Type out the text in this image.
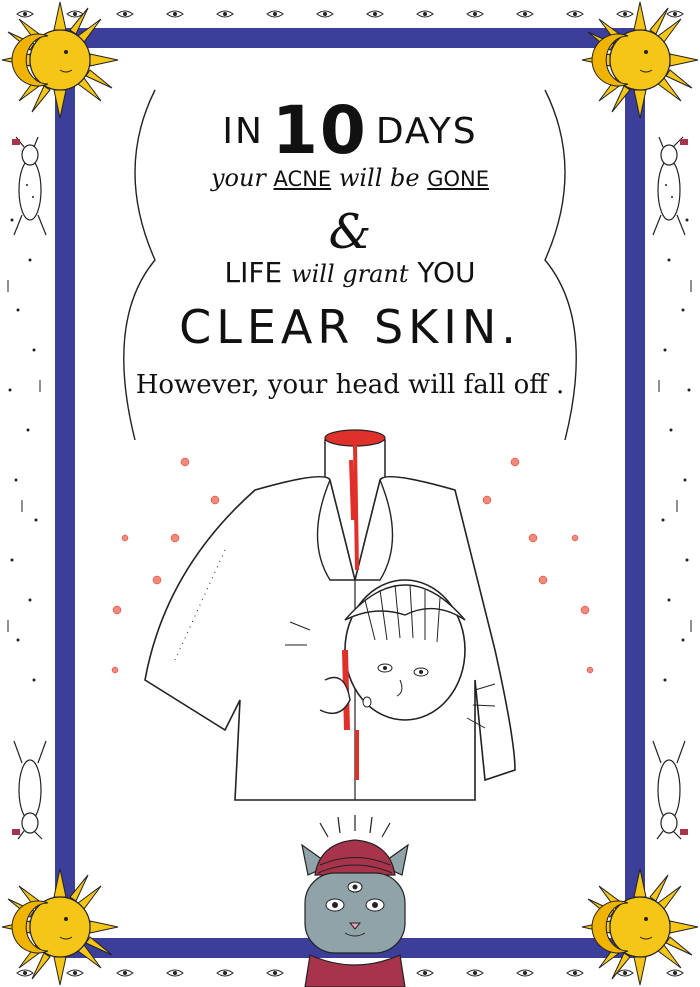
IN 10 DAYS
your ACNE will be GONE
&
LIFE will grant YOU
CLEAR SKIN.
However, your head will fall off .
